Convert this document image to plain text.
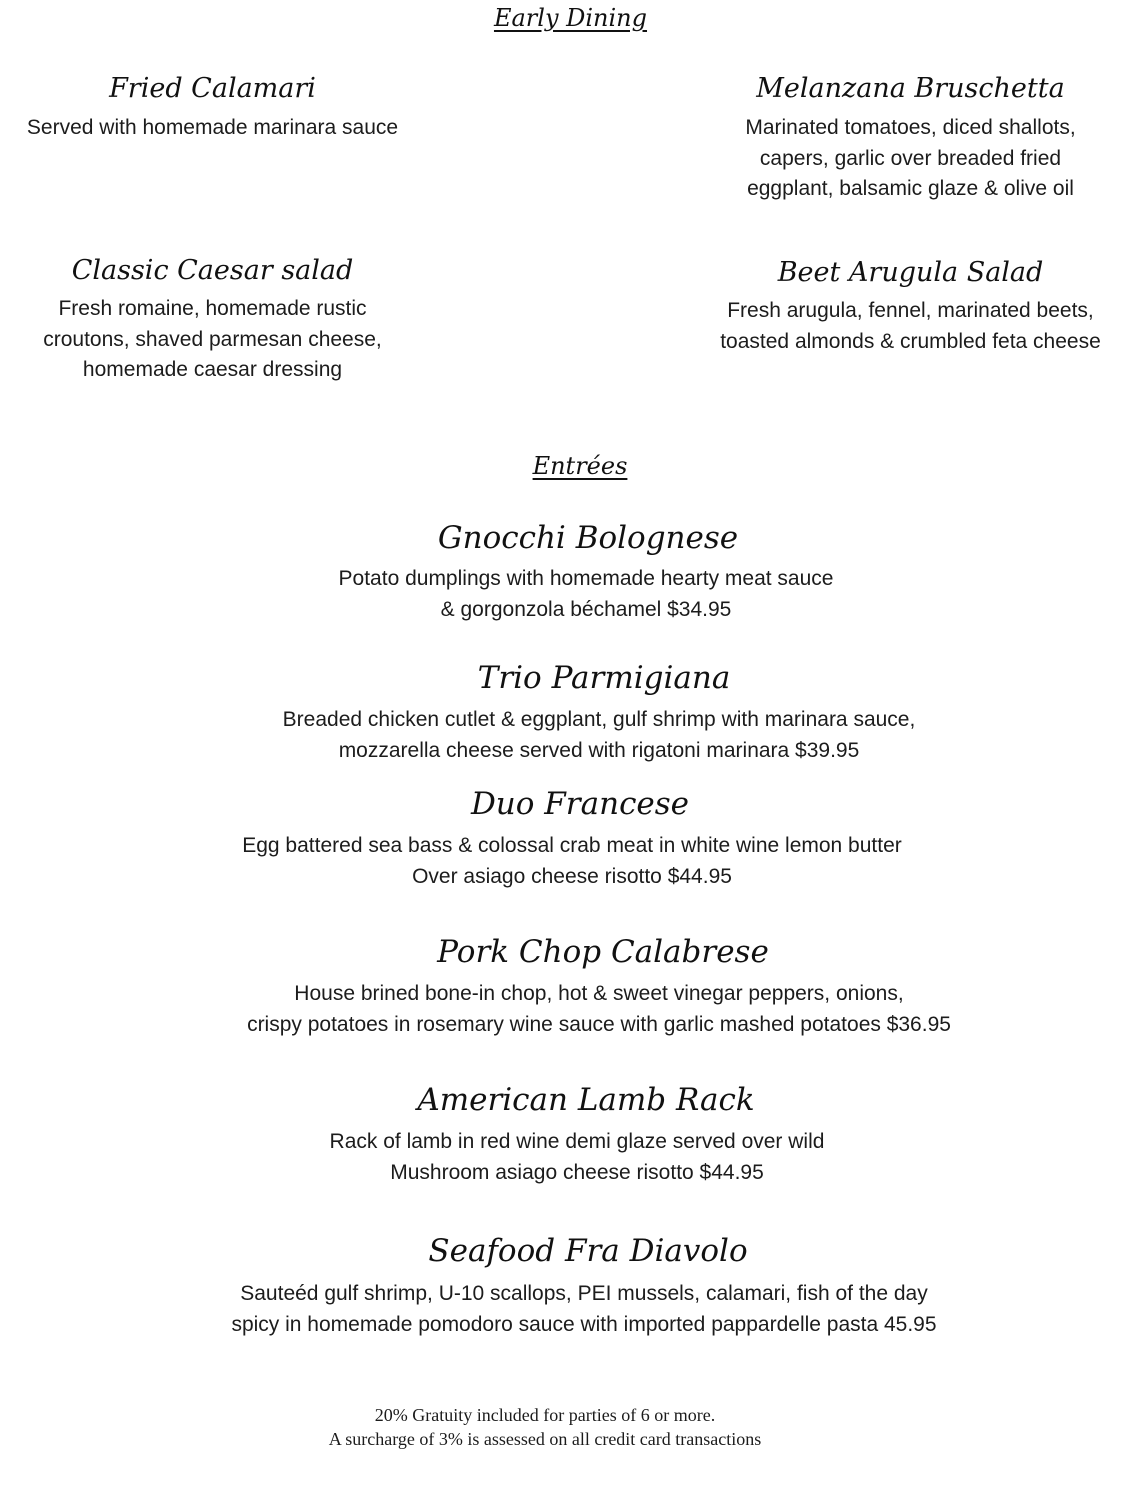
Early Dining
Fried Calamari
Served with homemade marinara sauce
Melanzana Bruschetta
Marinated tomatoes, diced shallots,
capers, garlic over breaded fried
eggplant, balsamic glaze & olive oil
Classic Caesar salad
Fresh romaine, homemade rustic
croutons, shaved parmesan cheese,
homemade caesar dressing
Beet Arugula Salad
Fresh arugula, fennel, marinated beets,
toasted almonds & crumbled feta cheese
Entrées
Gnocchi Bolognese
Potato dumplings with homemade hearty meat sauce
& gorgonzola béchamel $34.95
Trio Parmigiana
Breaded chicken cutlet & eggplant, gulf shrimp with marinara sauce,
mozzarella cheese served with rigatoni marinara $39.95
Duo Francese
Egg battered sea bass & colossal crab meat in white wine lemon butter
Over asiago cheese risotto $44.95
Pork Chop Calabrese
House brined bone-in chop, hot & sweet vinegar peppers, onions,
crispy potatoes in rosemary wine sauce with garlic mashed potatoes $36.95
American Lamb Rack
Rack of lamb in red wine demi glaze served over wild
Mushroom asiago cheese risotto $44.95
Seafood Fra Diavolo
Sauteéd gulf shrimp, U-10 scallops, PEI mussels, calamari, fish of the day
spicy in homemade pomodoro sauce with imported pappardelle pasta 45.95
20% Gratuity included for parties of 6 or more.
A surcharge of 3% is assessed on all credit card transactions
